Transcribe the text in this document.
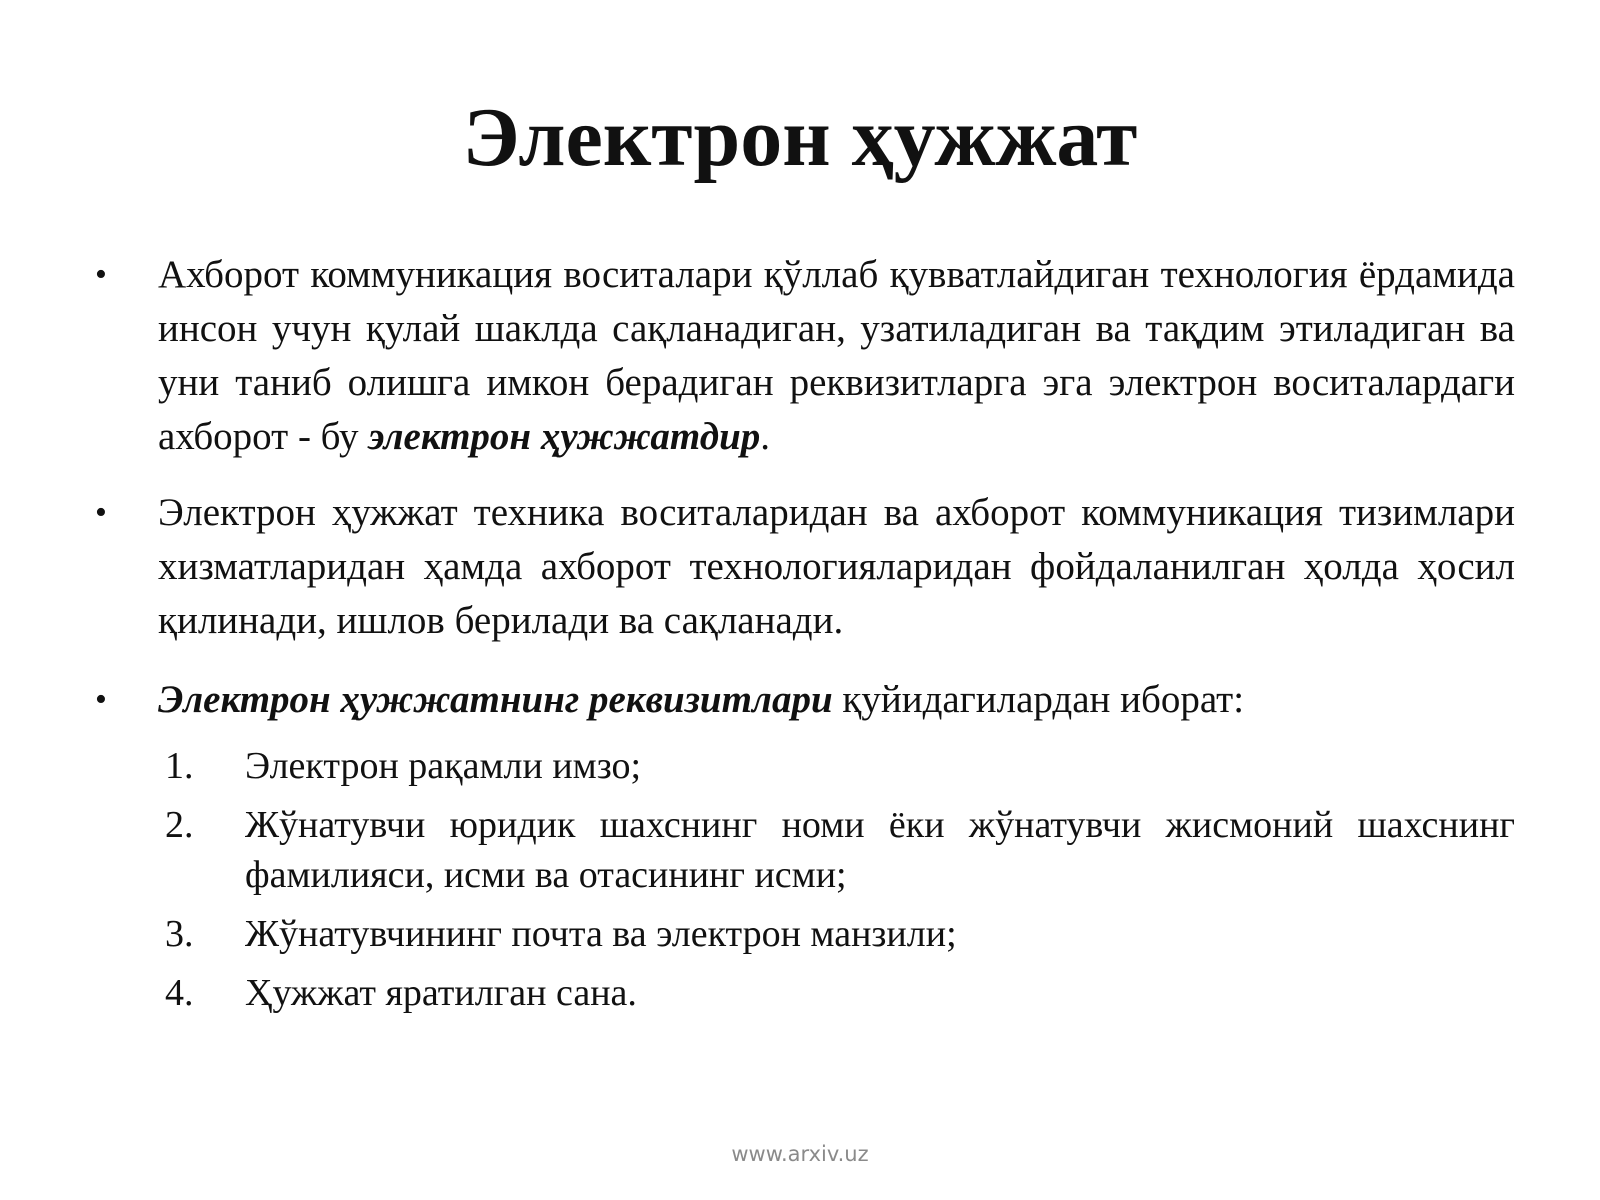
Электрон ҳужжат
• Ахборот коммуникация воситалари қўллаб қувватлайдиган технология ёрдамида инсон учун қулай шаклда сақланадиган, узатиладиган ва тақдим этиладиган ва уни таниб олишга имкон берадиган реквизитларга эга электрон воситалардаги ахборот - бу электрон ҳужжатдир.
• Электрон ҳужжат техника воситаларидан ва ахборот коммуникация тизимлари хизматларидан ҳамда ахборот технологияларидан фойдаланилган ҳолда ҳосил қилинади, ишлов берилади ва сақланади.
• Электрон ҳужжатнинг реквизитлари қуйидагилардан иборат:
1. Электрон рақамли имзо;
2. Жўнатувчи юридик шахснинг номи ёки жўнатувчи жисмоний шахснинг фамилияси, исми ва отасининг исми;
3. Жўнатувчининг почта ва электрон манзили;
4. Ҳужжат яратилган сана.
www.arxiv.uz
